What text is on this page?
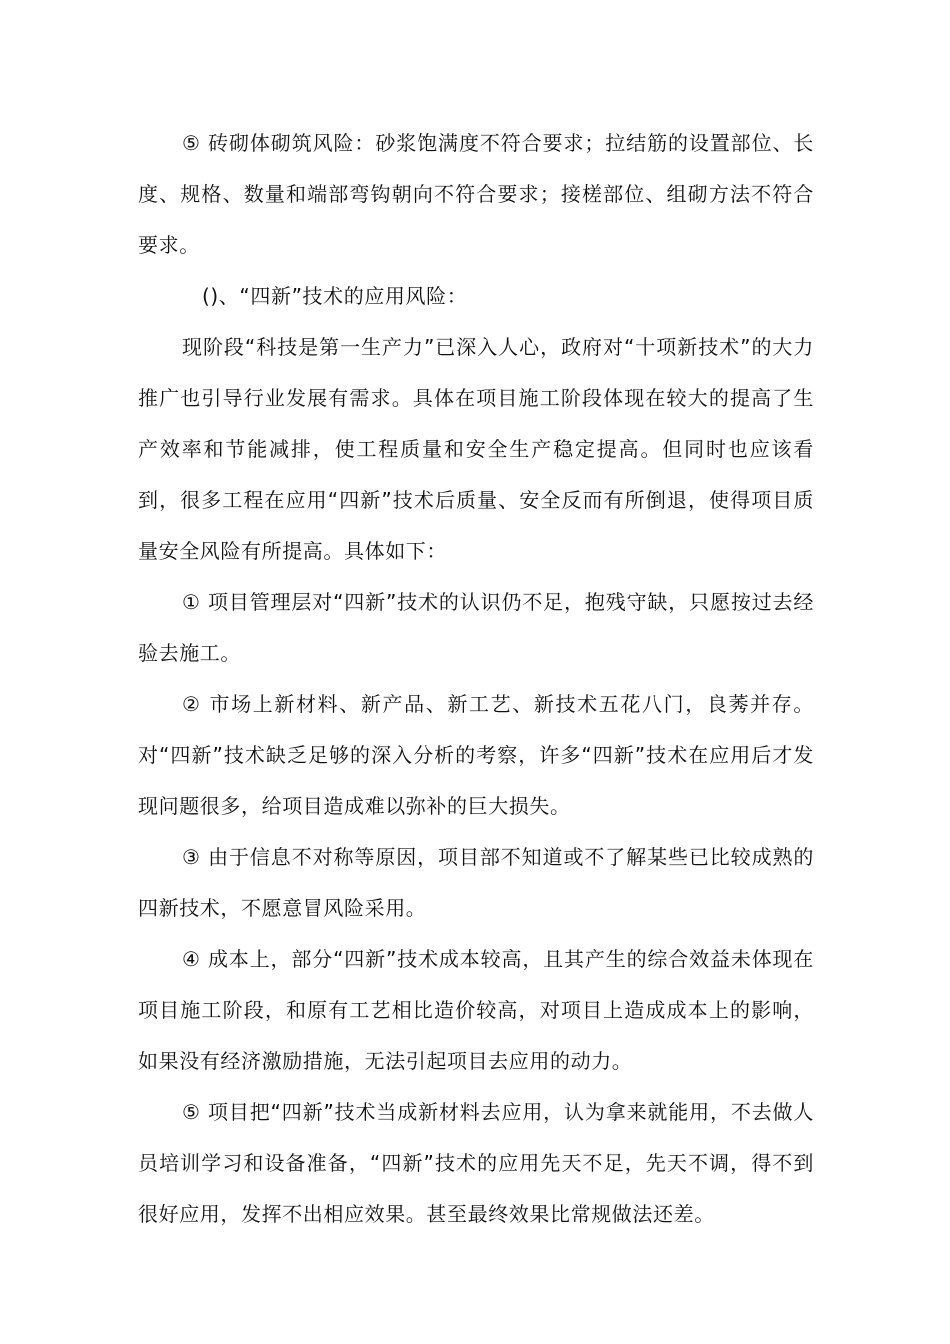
⑤ 砖砌体砌筑风险：砂浆饱满度不符合要求；拉结筋的设置部位、长度、规格、数量和端部弯钩朝向不符合要求；接槎部位、组砌方法不符合要求。

()、“四新”技术的应用风险：

现阶段“科技是第一生产力”已深入人心，政府对“十项新技术”的大力推广也引导行业发展有需求。具体在项目施工阶段体现在较大的提高了生产效率和节能减排，使工程质量和安全生产稳定提高。但同时也应该看到，很多工程在应用“四新”技术后质量、安全反而有所倒退，使得项目质量安全风险有所提高。具体如下：

① 项目管理层对“四新”技术的认识仍不足，抱残守缺，只愿按过去经验去施工。

② 市场上新材料、新产品、新工艺、新技术五花八门，良莠并存。对“四新”技术缺乏足够的深入分析的考察，许多“四新”技术在应用后才发现问题很多，给项目造成难以弥补的巨大损失。

③ 由于信息不对称等原因，项目部不知道或不了解某些已比较成熟的四新技术，不愿意冒风险采用。

④ 成本上，部分“四新”技术成本较高，且其产生的综合效益未体现在项目施工阶段，和原有工艺相比造价较高，对项目上造成成本上的影响，如果没有经济激励措施，无法引起项目去应用的动力。

⑤ 项目把“四新”技术当成新材料去应用，认为拿来就能用，不去做人员培训学习和设备准备，“四新”技术的应用先天不足，先天不调，得不到很好应用，发挥不出相应效果。甚至最终效果比常规做法还差。
